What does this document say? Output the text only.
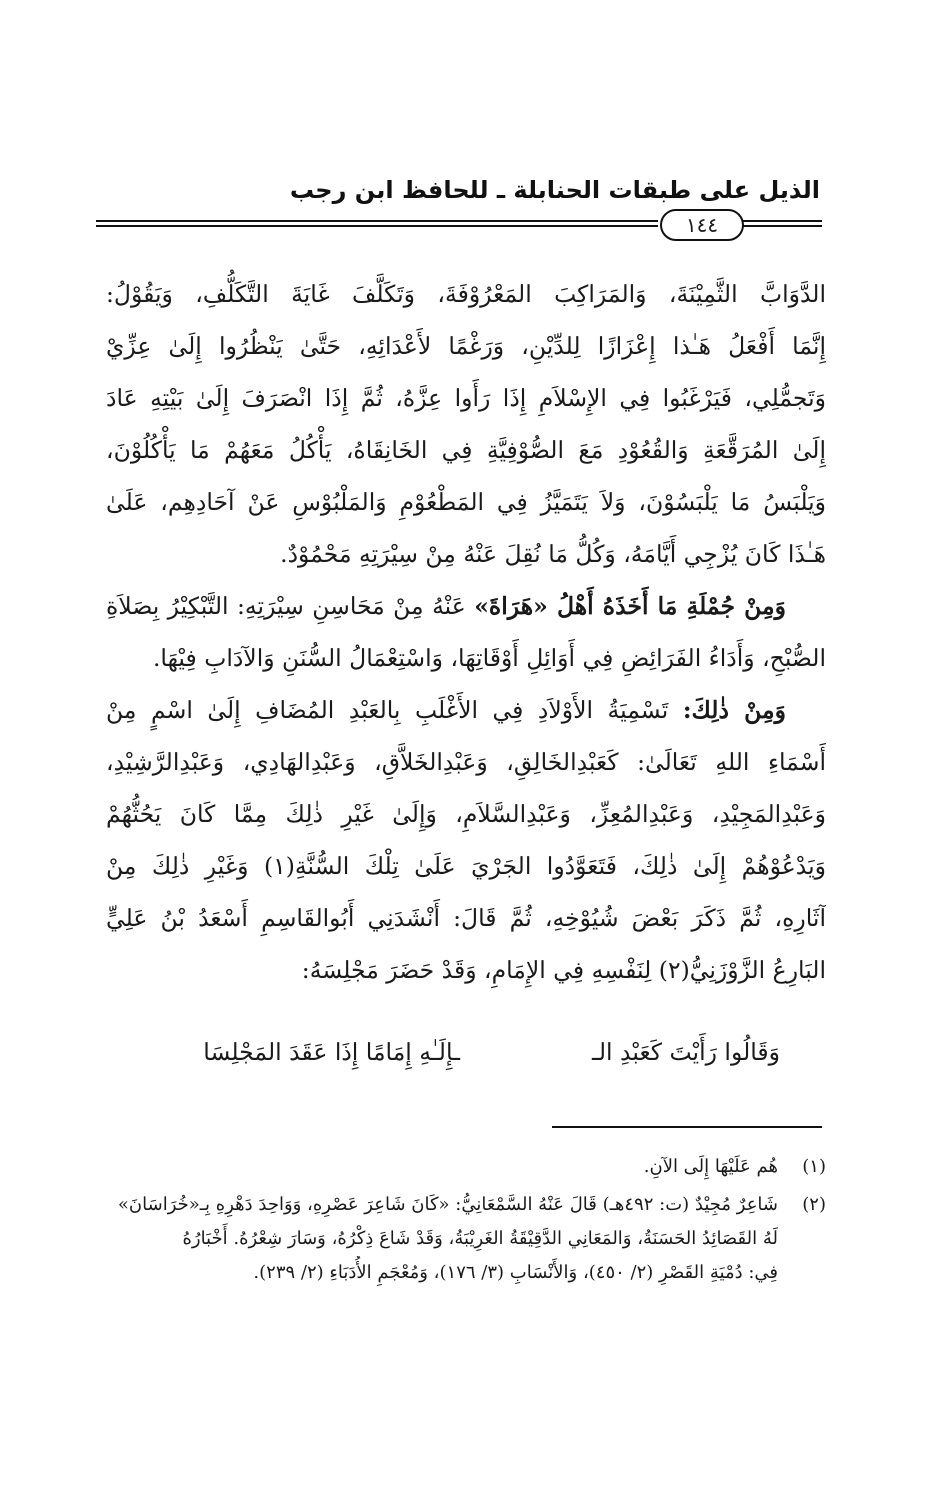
الذيل على طبقات الحنابلة ـ للحافظ ابن رجب
١٤٤
الدَّوَابَّ الثَّمِيْنَةَ، وَالمَرَاكِبَ المَعْرُوْفَةَ، وَتَكَلَّفَ غَايَةَ التَّكَلُّفِ، وَيَقُوْلُ:
إِنَّمَا أَفْعَلُ هَـٰذا إِعْزَازًا لِلدِّيْنِ، وَرَغْمًا لأَعْدَائِهِ، حَتَّىٰ يَنْظُرُوا إِلَىٰ عِزِّيْ
وَتَجمُّلِي، فَيَرْغَبُوا فِي الإِسْلاَمِ إِذَا رَأَوا عِزَّهُ، ثُمَّ إِذَا انْصَرَفَ إِلَىٰ بَيْتِهِ عَادَ
إِلَىٰ المُرَقَّعَةِ وَالقُعُوْدِ مَعَ الصُّوْفِيَّةِ فِي الخَانِقَاهُ، يَأْكُلُ مَعَهُمْ مَا يَأْكُلُوْنَ،
وَيَلْبَسُ مَا يَلْبَسُوْنَ، وَلاَ يَتَمَيَّزُ فِي المَطْعُوْمِ وَالمَلْبُوْسِ عَنْ آحَادِهِم، عَلَىٰ
هَـٰذَا كَانَ يُزْجِي أَيَّامَهُ، وَكُلُّ مَا نُقِلَ عَنْهُ مِنْ سِيْرَتِهِ مَحْمُوْدٌ.
وَمِنْ جُمْلَةِ مَا أَخَذَهُ أَهْلُ «هَرَاةَ» عَنْهُ مِنْ مَحَاسِنِ سِيْرَتِهِ: التَّبْكِيْرُ بِصَلاَةِ
الصُّبْحِ، وَأَدَاءُ الفَرَائِضِ فِي أَوَائِلِ أَوْقَاتِهَا، وَاسْتِعْمَالُ السُّنَنِ وَالآدَابِ فِيْهَا.
وَمِنْ ذٰلِكَ: تَسْمِيَةُ الأَوْلاَدِ فِي الأَغْلَبِ بِالعَبْدِ المُضَافِ إِلَىٰ اسْمٍ مِنْ
أَسْمَاءِ اللهِ تَعَالَىٰ: كَعَبْدِالخَالِقِ، وَعَبْدِالخَلاَّقِ، وَعَبْدِالهَادِي، وَعَبْدِالرَّشِيْدِ،
وَعَبْدِالمَجِيْدِ، وَعَبْدِالمُعِزِّ، وَعَبْدِالسَّلاَمِ، وَإِلَىٰ غَيْرِ ذٰلِكَ مِمَّا كَانَ يَحُثُّهُمْ
وَيَدْعُوْهُمْ إِلَىٰ ذٰلِكَ، فَتَعَوَّدُوا الجَرْيَ عَلَىٰ تِلْكَ السُّنَّةِ(١) وَغَيْرِ ذٰلِكَ مِنْ
آثَارِهِ، ثُمَّ ذَكَرَ بَعْضَ شُيُوْخِهِ، ثُمَّ قَالَ: أَنْشَدَنِي أَبُوالقَاسِمِ أَسْعَدُ بْنُ عَلِيٍّ
البَارِعُ الزَّوْزَنِيُّ(٢) لِنَفْسِهِ فِي الإِمَامِ، وَقَدْ حَضَرَ مَجْلِسَهُ:
وَقَالُوا رَأَيْتَ كَعَبْدِ الــإِلَـٰهِ إِمَامًا إِذَا عَقَدَ المَجْلِسَا
(١)
هُم عَلَيْهَا إِلَى الآنِ.
(٢)
شَاعِرٌ مُجِيْدٌ (ت: ٤٩٢هـ) قَالَ عَنْهُ السَّمْعَانِيُّ: «كَانَ شَاعِرَ عَصْرِهِ، وَوَاحِدَ دَهْرِهِ بِـ«خُرَاسَانَ»
لَهُ القَصَائِدُ الحَسَنَةُ، وَالمَعَانِي الدَّقِيْقَةُ الغَرِيْبَةُ، وَقَدْ شَاعَ ذِكْرُهُ، وَسَارَ شِعْرُهُ. أَخْبَارُهُ
فِي: دُمْيَةِ القَصْرِ (٢/ ٤٥٠)، وَالأَنْسَابِ (٣/ ١٧٦)، وَمُعْجَمِ الأُدَبَاءِ (٢/ ٢٣٩).
